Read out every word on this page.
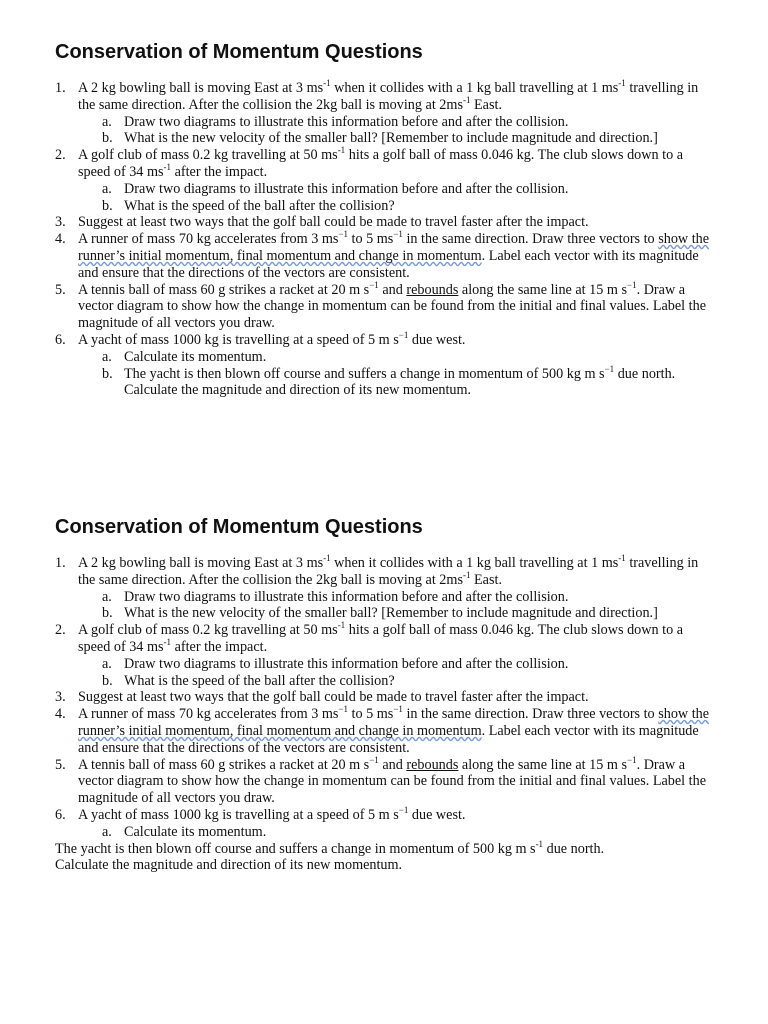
Conservation of Momentum Questions
1. A 2 kg bowling ball is moving East at 3 $ms^{-1}$ when it collides with a 1 kg ball travelling at 1 $ms^{-1}$ travelling in the same direction. After the collision the 2kg ball is moving at $2ms^{-1}$ East.
a. Draw two diagrams to illustrate this information before and after the collision.
b. What is the new velocity of the smaller ball? [Remember to include magnitude and direction.]
2. A golf club of mass 0.2 kg travelling at 50 $ms^{-1}$ hits a golf ball of mass 0.046 kg. The club slows down to a speed of 34 $ms^{-1}$ after the impact.
a. Draw two diagrams to illustrate this information before and after the collision.
b. What is the speed of the ball after the collision?
3. Suggest at least two ways that the golf ball could be made to travel faster after the impact.
4. A runner of mass 70 kg accelerates from 3 $ms^{-1}$ to 5 $ms^{-1}$ in the same direction. Draw three vectors to show the runner’s initial momentum, final momentum and change in momentum. Label each vector with its magnitude and ensure that the directions of the vectors are consistent.
5. A tennis ball of mass 60 g strikes a racket at 20 m $s^{-1}$ and rebounds along the same line at 15 m $s^{-1}$. Draw a vector diagram to show how the change in momentum can be found from the initial and final values. Label the magnitude of all vectors you draw.
6. A yacht of mass 1000 kg is travelling at a speed of 5 m $s^{-1}$ due west.
a. Calculate its momentum.
b. The yacht is then blown off course and suffers a change in momentum of 500 kg m $s^{-1}$ due north. Calculate the magnitude and direction of its new momentum.
Conservation of Momentum Questions
1. A 2 kg bowling ball is moving East at 3 $ms^{-1}$ when it collides with a 1 kg ball travelling at 1 $ms^{-1}$ travelling in the same direction. After the collision the 2kg ball is moving at $2ms^{-1}$ East.
a. Draw two diagrams to illustrate this information before and after the collision.
b. What is the new velocity of the smaller ball? [Remember to include magnitude and direction.]
2. A golf club of mass 0.2 kg travelling at 50 $ms^{-1}$ hits a golf ball of mass 0.046 kg. The club slows down to a speed of 34 $ms^{-1}$ after the impact.
a. Draw two diagrams to illustrate this information before and after the collision.
b. What is the speed of the ball after the collision?
3. Suggest at least two ways that the golf ball could be made to travel faster after the impact.
4. A runner of mass 70 kg accelerates from 3 $ms^{-1}$ to 5 $ms^{-1}$ in the same direction. Draw three vectors to show the runner’s initial momentum, final momentum and change in momentum. Label each vector with its magnitude and ensure that the directions of the vectors are consistent.
5. A tennis ball of mass 60 g strikes a racket at 20 m $s^{-1}$ and rebounds along the same line at 15 m $s^{-1}$. Draw a vector diagram to show how the change in momentum can be found from the initial and final values. Label the magnitude of all vectors you draw.
6. A yacht of mass 1000 kg is travelling at a speed of 5 m $s^{-1}$ due west.
a. Calculate its momentum.
The yacht is then blown off course and suffers a change in momentum of 500 kg m $s^{-1}$ due north.
Calculate the magnitude and direction of its new momentum.
